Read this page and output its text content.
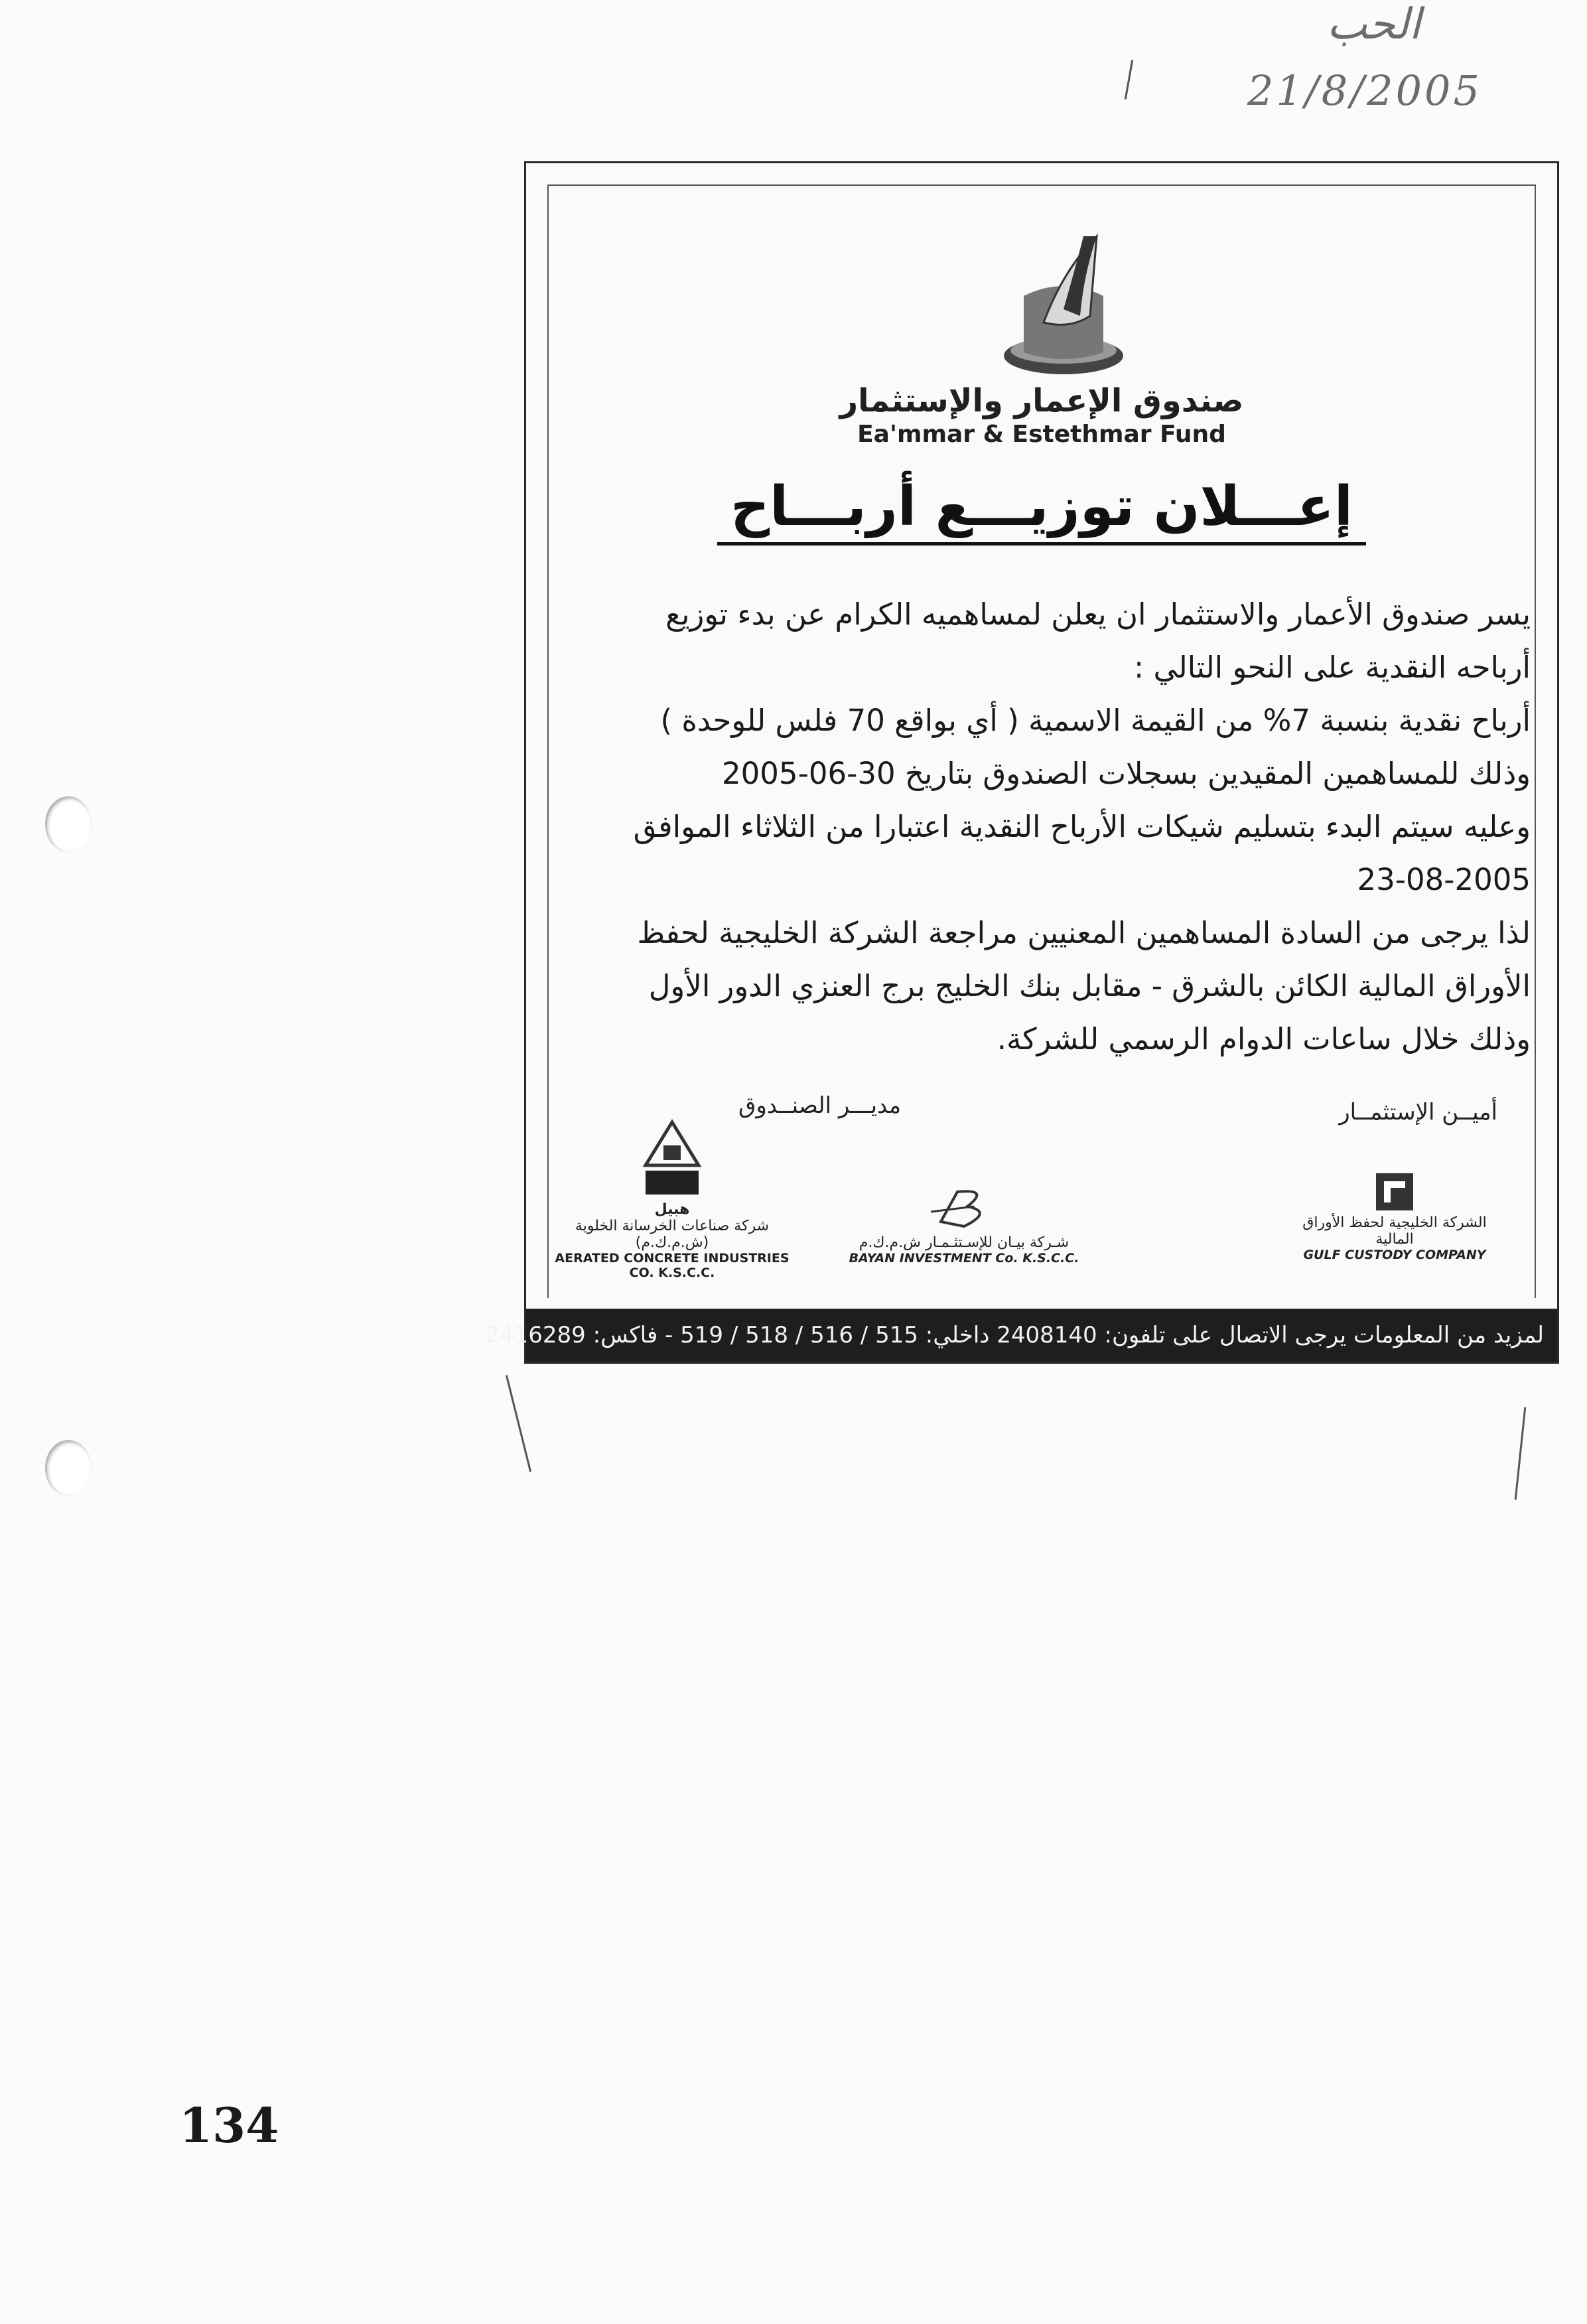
الحب
21/8/2005
صندوق الإعمار والإستثمار
Ea'mmar & Estethmar Fund
إعـــلان توزيـــع أربـــاح

يسر صندوق الأعمار والاستثمار ان يعلن لمساهميه الكرام عن بدء توزيع

أرباحه النقدية على النحو التالي :

أرباح نقدية بنسبة 7% من القيمة الاسمية ( أي بواقع 70 فلس للوحدة )

وذلك للمساهمين المقيدين بسجلات الصندوق بتاريخ 30-06-2005

وعليه سيتم البدء بتسليم شيكات الأرباح النقدية اعتبارا من الثلاثاء الموافق

23-08-2005

لذا يرجى من السادة المساهمين المعنيين مراجعة الشركة الخليجية لحفظ

الأوراق المالية الكائن بالشرق - مقابل بنك الخليج برج العنزي الدور الأول

وذلك خلال ساعات الدوام الرسمي للشركة.

أميــن الإستثمــار
مديـــر الصنــدوق
الشركة الخليجية لحفظ الأوراق المالية
GULF CUSTODY COMPANY
شـركة بيـان للإسـتثـمـار ش.م.ك.م
BAYAN INVESTMENT Co. K.S.C.C.
هبيل
شركة صناعات الخرسانة الخلوية (ش.م.ك.م)
AERATED CONCRETE INDUSTRIES CO. K.S.C.C.
لمزيد من المعلومات يرجى الاتصال على تلفون: 2408140 داخلي: 515 / 516 / 518 / 519 - فاكس: 2416289
134
